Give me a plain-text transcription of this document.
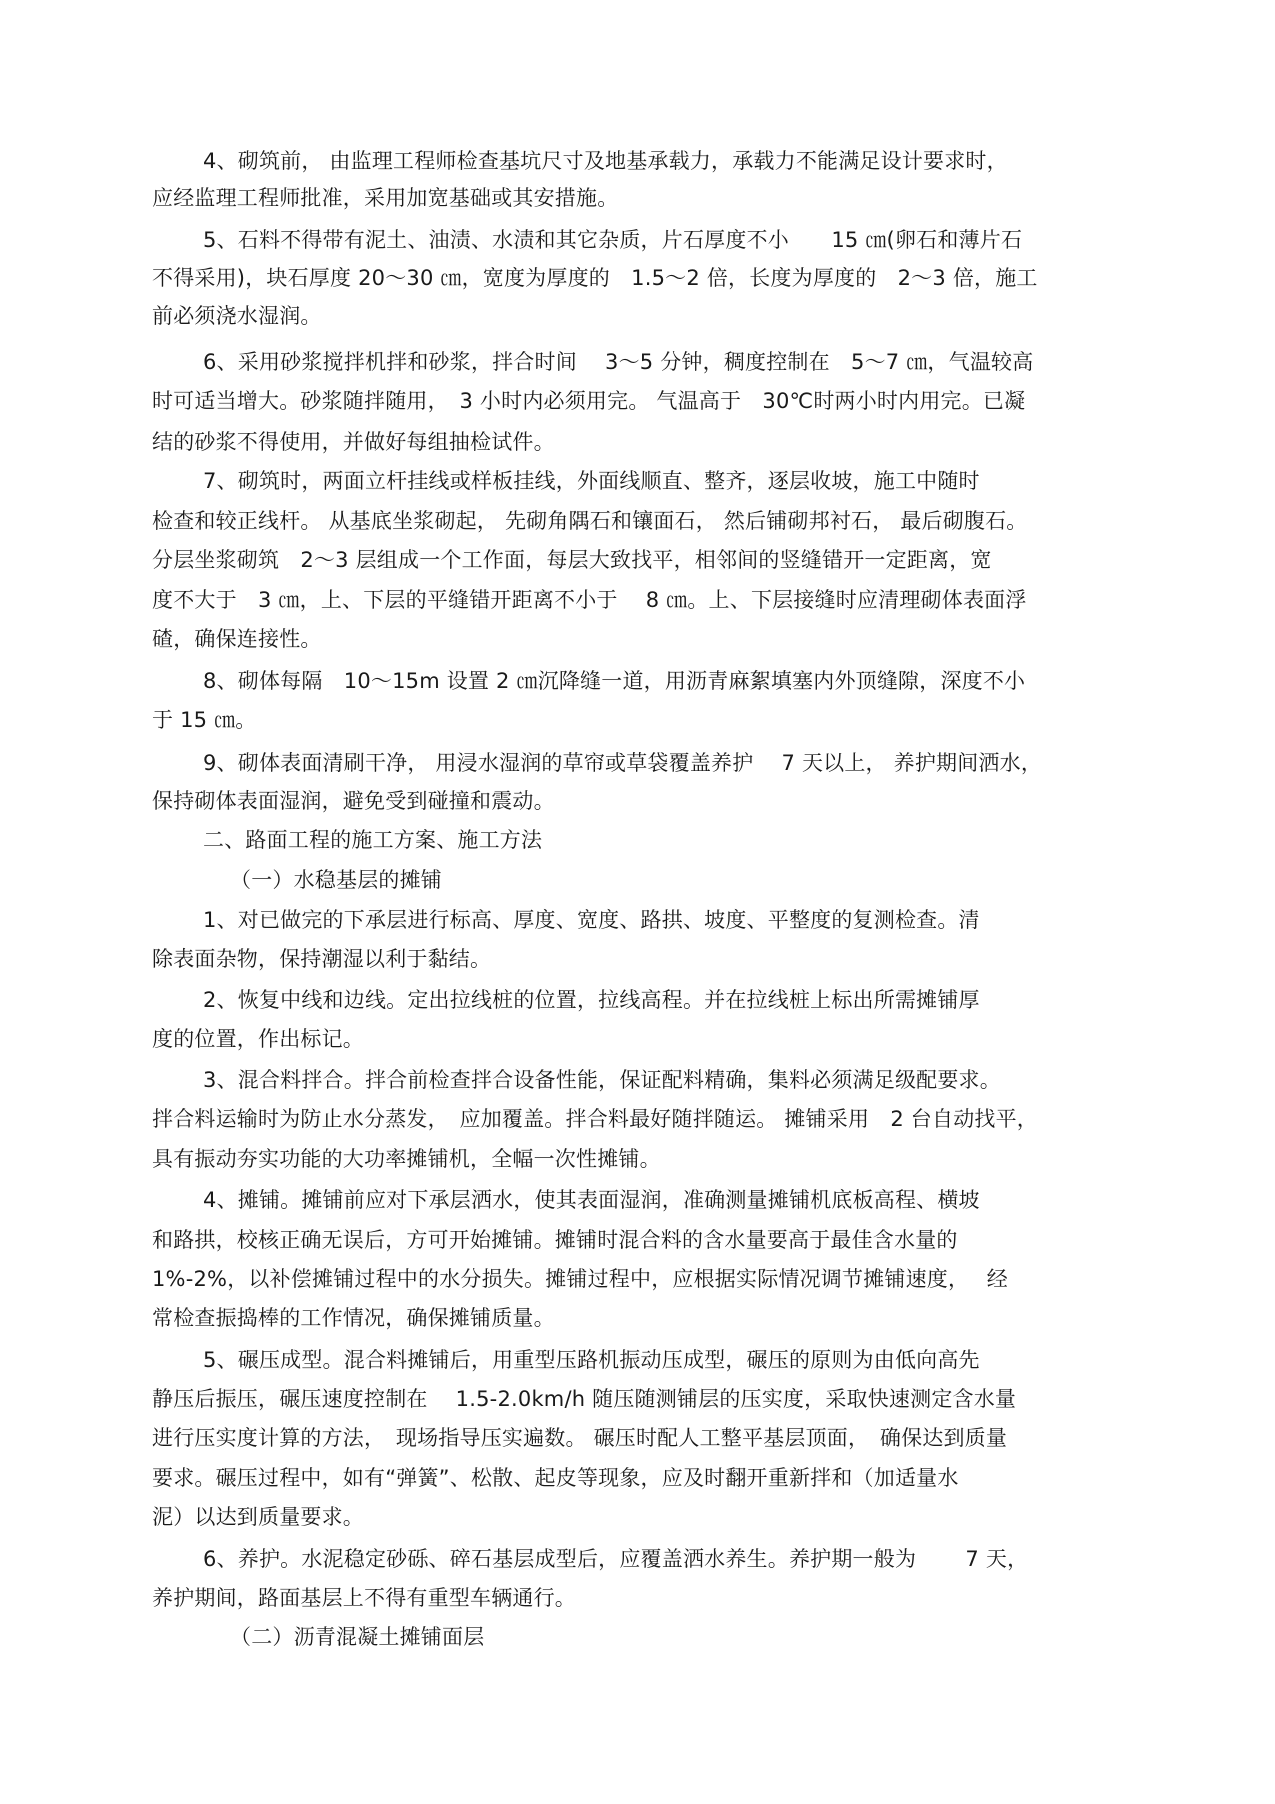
4、砌筑前， 由监理工程师检查基坑尺寸及地基承载力，承载力不能满足设计要求时，
应经监理工程师批准，采用加宽基础或其安措施。
5、石料不得带有泥土、油渍、水渍和其它杂质，片石厚度不小　　15 ㎝(卵石和薄片石
不得采用)，块石厚度 20～30 ㎝，宽度为厚度的　1.5～2 倍，长度为厚度的　2～3 倍，施工
前必须浇水湿润。
6、采用砂浆搅拌机拌和砂浆，拌合时间　 3～5 分钟，稠度控制在　5～7 ㎝，气温较高
时可适当增大。砂浆随拌随用，　3 小时内必须用完。 气温高于　30℃时两小时内用完。已凝
结的砂浆不得使用，并做好每组抽检试件。
7、砌筑时，两面立杆挂线或样板挂线，外面线顺直、整齐，逐层收坡，施工中随时
检查和较正线杆。 从基底坐浆砌起， 先砌角隅石和镶面石， 然后铺砌邦衬石， 最后砌腹石。
分层坐浆砌筑　2～3 层组成一个工作面，每层大致找平，相邻间的竖缝错开一定距离，宽
度不大于　3 ㎝，上、下层的平缝错开距离不小于　 8 ㎝。上、下层接缝时应清理砌体表面浮
碴，确保连接性。
8、砌体每隔　10～15m 设置 2 ㎝沉降缝一道，用沥青麻絮填塞内外顶缝隙，深度不小
于 15 ㎝。
9、砌体表面清刷干净， 用浸水湿润的草帘或草袋覆盖养护　 7 天以上， 养护期间洒水，
保持砌体表面湿润，避免受到碰撞和震动。
二、路面工程的施工方案、施工方法
（一）水稳基层的摊铺
1、对已做完的下承层进行标高、厚度、宽度、路拱、坡度、平整度的复测检查。清
除表面杂物，保持潮湿以利于黏结。
2、恢复中线和边线。定出拉线桩的位置，拉线高程。并在拉线桩上标出所需摊铺厚
度的位置，作出标记。
3、混合料拌合。拌合前检查拌合设备性能，保证配料精确，集料必须满足级配要求。
拌合料运输时为防止水分蒸发，　应加覆盖。拌合料最好随拌随运。 摊铺采用　2 台自动找平，
具有振动夯实功能的大功率摊铺机，全幅一次性摊铺。
4、摊铺。摊铺前应对下承层洒水，使其表面湿润，准确测量摊铺机底板高程、横坡
和路拱，校核正确无误后，方可开始摊铺。摊铺时混合料的含水量要高于最佳含水量的
1%-2%，以补偿摊铺过程中的水分损失。摊铺过程中，应根据实际情况调节摊铺速度，　 经
常检查振捣棒的工作情况，确保摊铺质量。
5、碾压成型。混合料摊铺后，用重型压路机振动压成型，碾压的原则为由低向高先
静压后振压，碾压速度控制在　 1.5-2.0km/h 随压随测铺层的压实度，采取快速测定含水量
进行压实度计算的方法，　现场指导压实遍数。 碾压时配人工整平基层顶面，　确保达到质量
要求。碾压过程中，如有“弹簧”、松散、起皮等现象，应及时翻开重新拌和（加适量水
泥）以达到质量要求。
6、养护。水泥稳定砂砾、碎石基层成型后，应覆盖洒水养生。养护期一般为　　 7 天，
养护期间，路面基层上不得有重型车辆通行。
（二）沥青混凝土摊铺面层
